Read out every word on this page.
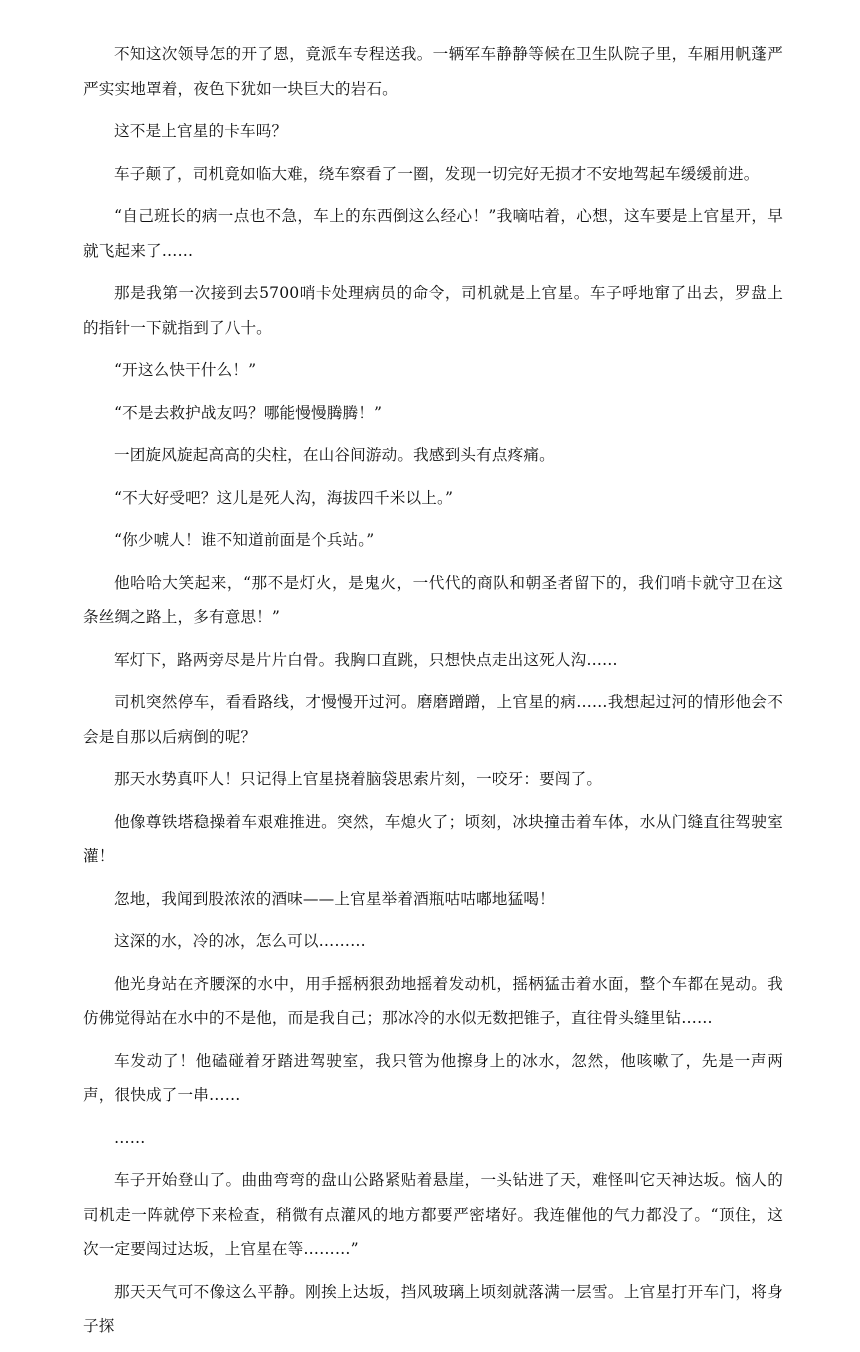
不知这次领导怎的开了恩，竟派车专程送我。一辆军车静静等候在卫生队院子里，车厢用帆蓬严严实实地罩着，夜色下犹如一块巨大的岩石。

这不是上官星的卡车吗？

车子颠了，司机竟如临大难，绕车察看了一圈，发现一切完好无损才不安地驾起车缓缓前进。

“自己班长的病一点也不急，车上的东西倒这么经心！”我嘀咕着，心想，这车要是上官星开，早就飞起来了……

那是我第一次接到去5700哨卡处理病员的命令，司机就是上官星。车子呼地窜了出去，罗盘上的指针一下就指到了八十。

“开这么快干什么！”

“不是去救护战友吗？哪能慢慢腾腾！”

一团旋风旋起高高的尖柱，在山谷间游动。我感到头有点疼痛。

“不大好受吧？这儿是死人沟，海拔四千米以上。”

“你少唬人！谁不知道前面是个兵站。”

他哈哈大笑起来，“那不是灯火，是鬼火，一代代的商队和朝圣者留下的，我们哨卡就守卫在这条丝绸之路上，多有意思！”

军灯下，路两旁尽是片片白骨。我胸口直跳，只想快点走出这死人沟……

司机突然停车，看看路线，才慢慢开过河。磨磨蹭蹭，上官星的病……我想起过河的情形他会不会是自那以后病倒的呢？

那天水势真吓人！只记得上官星挠着脑袋思索片刻，一咬牙：要闯了。

他像尊铁塔稳操着车艰难推进。突然，车熄火了；顷刻，冰块撞击着车体，水从门缝直往驾驶室灌！

忽地，我闻到股浓浓的酒味——上官星举着酒瓶咕咕嘟地猛喝！

这深的水，冷的冰，怎么可以………

他光身站在齐腰深的水中，用手摇柄狠劲地摇着发动机，摇柄猛击着水面，整个车都在晃动。我仿佛觉得站在水中的不是他，而是我自己；那冰冷的水似无数把锥子，直往骨头缝里钻……

车发动了！他磕碰着牙踏进驾驶室，我只管为他擦身上的冰水，忽然，他咳嗽了，先是一声两声，很快成了一串……

……

车子开始登山了。曲曲弯弯的盘山公路紧贴着悬崖，一头钻进了天，难怪叫它天神达坂。恼人的司机走一阵就停下来检查，稍微有点灌风的地方都要严密堵好。我连催他的气力都没了。“顶住，这次一定要闯过达坂，上官星在等………”

那天天气可不像这么平静。刚挨上达坂，挡风玻璃上顷刻就落满一层雪。上官星打开车门，将身子探
